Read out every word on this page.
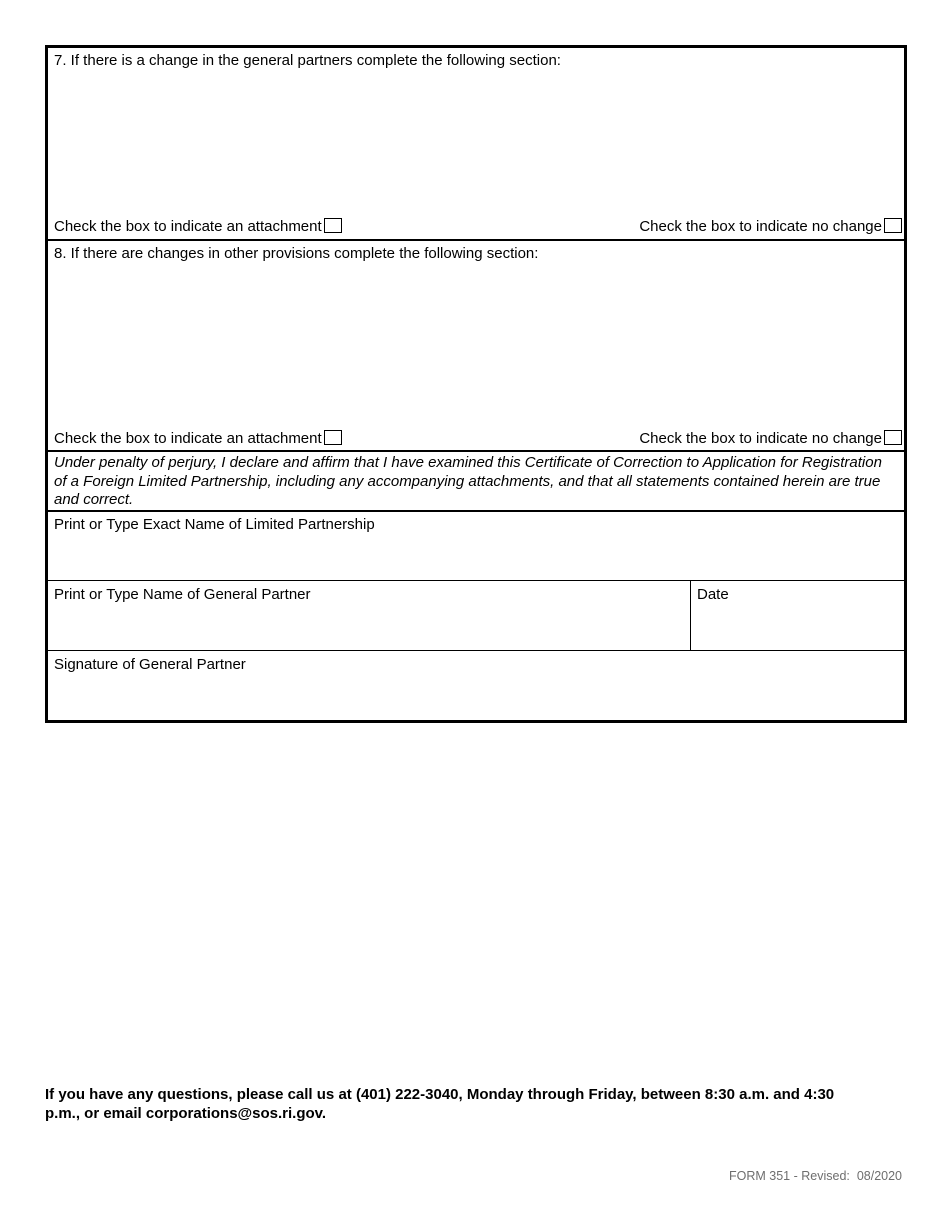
7. If there is a change in the general partners complete the following section:
Check the box to indicate an attachment	Check the box to indicate no change
8. If there are changes in other provisions complete the following section:
Check the box to indicate an attachment	Check the box to indicate no change
Under penalty of perjury, I declare and affirm that I have examined this Certificate of Correction to Application for Registration of a Foreign Limited Partnership, including any accompanying attachments, and that all statements contained herein are true and correct.
Print or Type Exact Name of Limited Partnership
Print or Type Name of General Partner	Date
Signature of General Partner
If you have any questions, please call us at (401) 222-3040, Monday through Friday, between 8:30 a.m. and 4:30 p.m., or email corporations@sos.ri.gov.
FORM 351 - Revised:  08/2020
